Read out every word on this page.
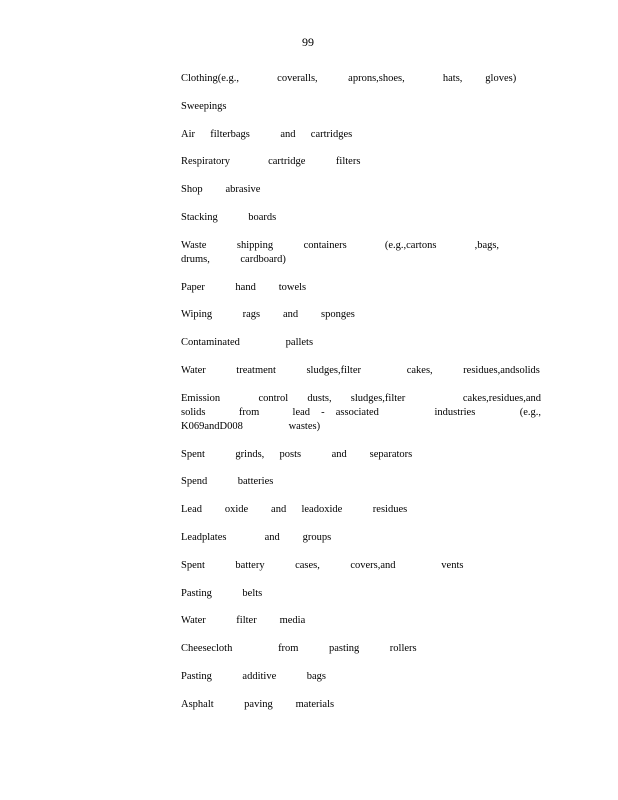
99
Clothing(e.g.,     coveralls,    aprons,shoes,     hats,   gloves)
Sweepings
Air  filterbags    and  cartridges
Respiratory     cartridge    filters
Shop   abrasive
Stacking    boards
Waste    shipping    containers     (e.g.,cartons     ,bags,    drums,    cardboard)
Paper    hand   towels
Wiping    rags   and   sponges
Contaminated      pallets
Water    treatment    sludges,filter      cakes,    residues,andsolids
Emission    control  dusts,  sludges,filter      cakes,residues,and       solids   from   lead - associated     industries    (e.g.,    K069andD008      wastes)
Spent    grinds,  posts    and   separators
Spend    batteries
Lead   oxide   and  leadoxide    residues
Leadplates     and   groups
Spent    battery    cases,    covers,and      vents
Pasting    belts
Water    filter   media
Cheesecloth      from    pasting    rollers
Pasting    additive    bags
Asphalt    paving   materials
